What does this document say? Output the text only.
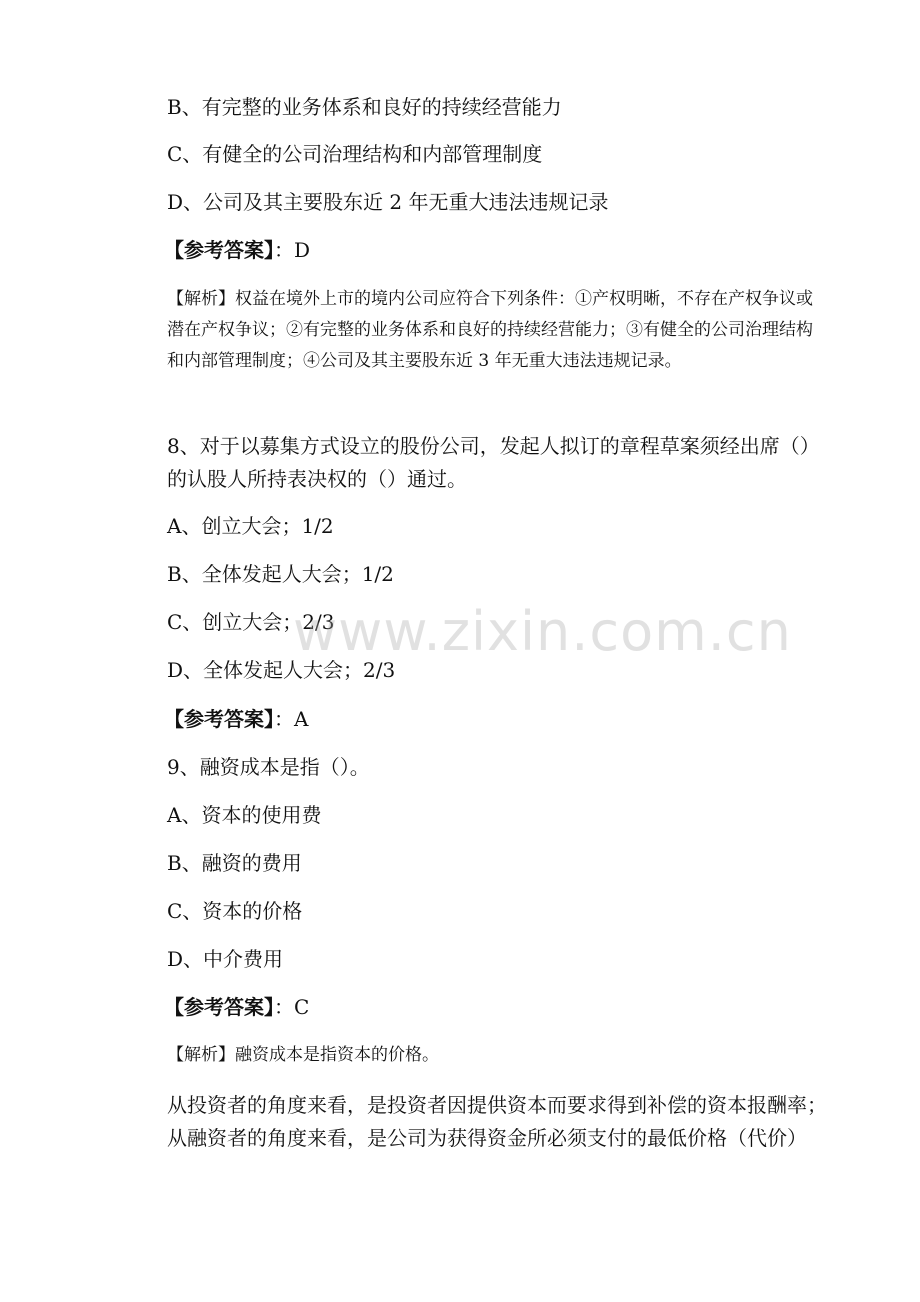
B、有完整的业务体系和良好的持续经营能力
C、有健全的公司治理结构和内部管理制度
D、公司及其主要股东近 2 年无重大违法违规记录
【参考答案】：D
【解析】权益在境外上市的境内公司应符合下列条件：①产权明晰，不存在产权争议或潜在产权争议；②有完整的业务体系和良好的持续经营能力；③有健全的公司治理结构和内部管理制度；④公司及其主要股东近 3 年无重大违法违规记录。
8、对于以募集方式设立的股份公司，发起人拟订的章程草案须经出席（）的认股人所持表决权的（）通过。
A、创立大会；1/2
B、全体发起人大会；1/2
C、创立大会；2/3
D、全体发起人大会；2/3
【参考答案】：A
9、融资成本是指（）。
A、资本的使用费
B、融资的费用
C、资本的价格
D、中介费用
【参考答案】：C
【解析】融资成本是指资本的价格。
从投资者的角度来看，是投资者因提供资本而要求得到补偿的资本报酬率；从融资者的角度来看，是公司为获得资金所必须支付的最低价格（代价）
www.zixin.com.cn
